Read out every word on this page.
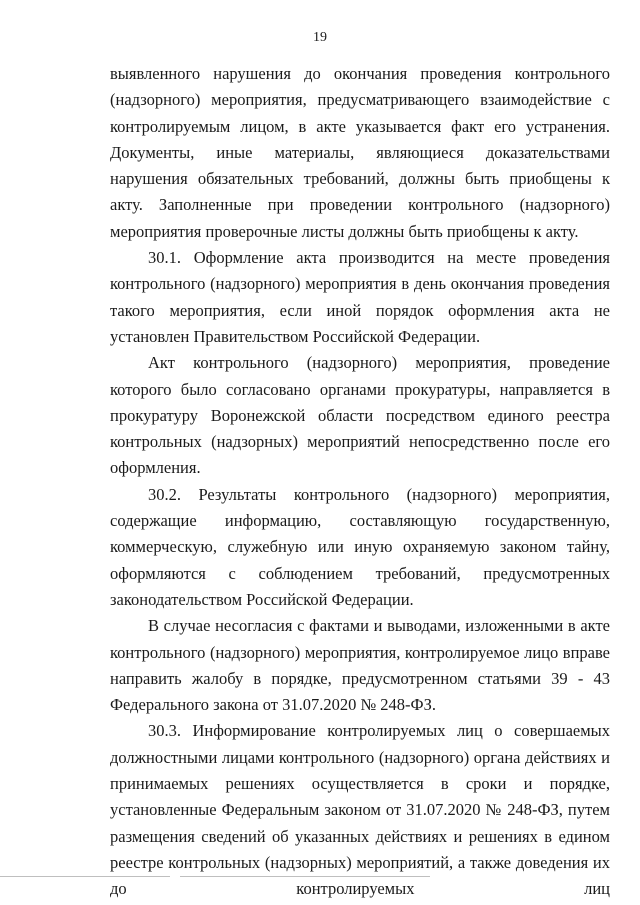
19

выявленного нарушения до окончания проведения контрольного (надзорного) мероприятия, предусматривающего взаимодействие с контролируемым лицом, в акте указывается факт его устранения. Документы, иные материалы, являющиеся доказательствами нарушения обязательных требований, должны быть приобщены к акту. Заполненные при проведении контрольного (надзорного) мероприятия проверочные листы должны быть приобщены к акту.

30.1. Оформление акта производится на месте проведения контрольного (надзорного) мероприятия в день окончания проведения такого мероприятия, если иной порядок оформления акта не установлен Правительством Российской Федерации.

Акт контрольного (надзорного) мероприятия, проведение которого было согласовано органами прокуратуры, направляется в прокуратуру Воронежской области посредством единого реестра контрольных (надзорных) мероприятий непосредственно после его оформления.

30.2. Результаты контрольного (надзорного) мероприятия, содержащие информацию, составляющую государственную, коммерческую, служебную или иную охраняемую законом тайну, оформляются с соблюдением требований, предусмотренных законодательством Российской Федерации.

В случае несогласия с фактами и выводами, изложенными в акте контрольного (надзорного) мероприятия, контролируемое лицо вправе направить жалобу в порядке, предусмотренном статьями 39 - 43 Федерального закона от 31.07.2020 № 248-ФЗ.

30.3. Информирование контролируемых лиц о совершаемых должностными лицами контрольного (надзорного) органа действиях и принимаемых решениях осуществляется в сроки и порядке, установленные Федеральным законом от 31.07.2020 № 248-ФЗ, путем размещения сведений об указанных действиях и решениях в едином реестре контрольных (надзорных) мероприятий, а также доведения их до контролируемых лиц
